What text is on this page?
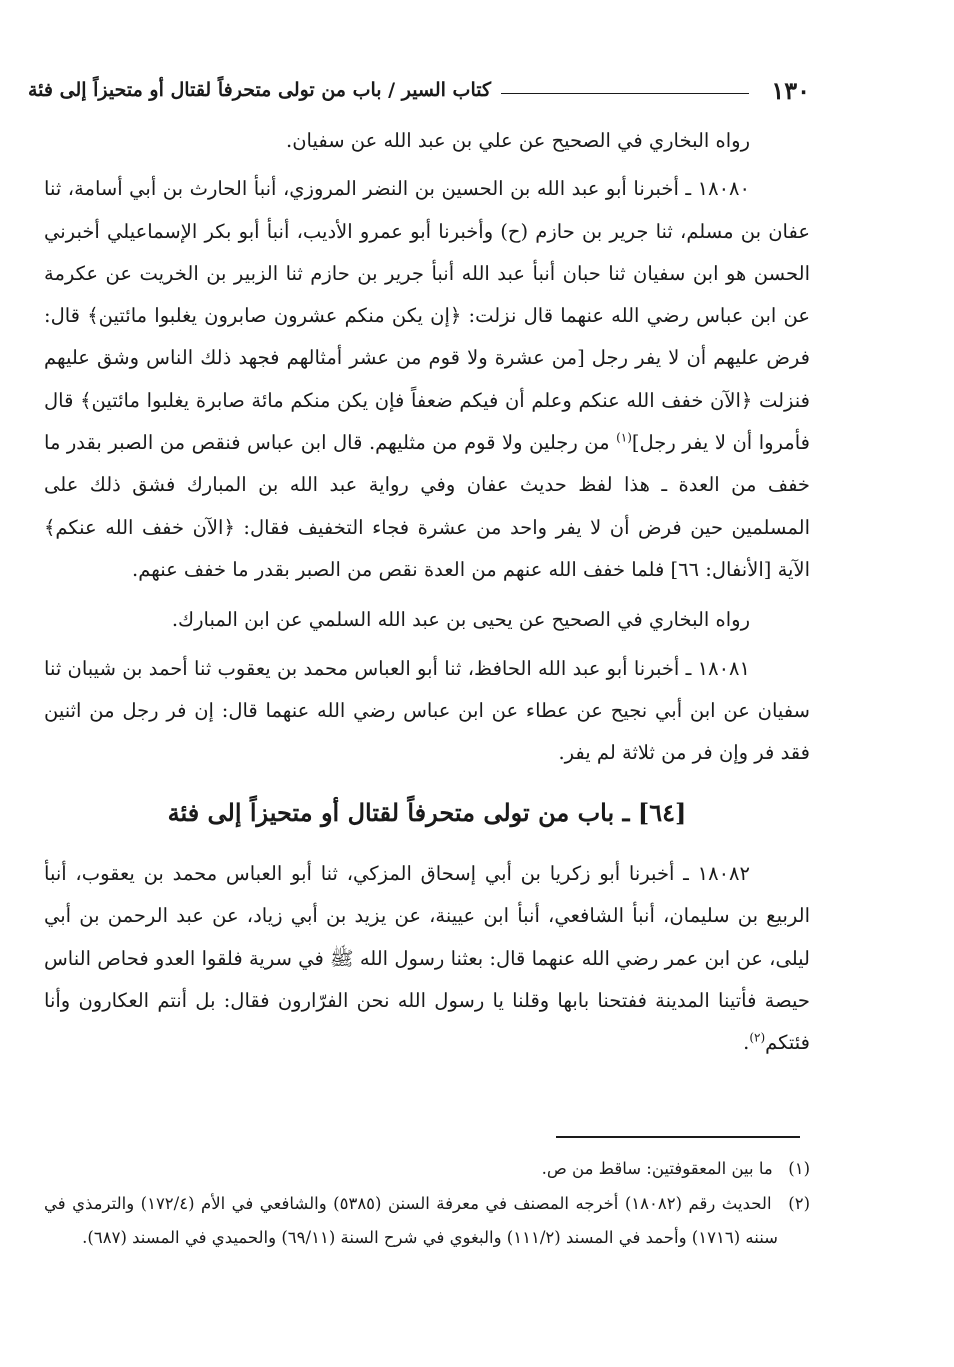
١٣٠
كتاب السير / باب من تولى متحرفاً لقتال أو متحيزاً إلى فئة

رواه البخاري في الصحيح عن علي بن عبد الله عن سفيان.

١٨٠٨٠ ـ أخبرنا أبو عبد الله بن الحسين بن النضر المروزي، أنبأ الحارث بن أبي أسامة، ثنا عفان بن مسلم، ثنا جرير بن حازم (ح) وأخبرنا أبو عمرو الأديب، أنبأ أبو بكر الإسماعيلي أخبرني الحسن هو ابن سفيان ثنا حبان أنبأ عبد الله أنبأ جرير بن حازم ثنا الزبير بن الخريت عن عكرمة عن ابن عباس رضي الله عنهما قال نزلت: ﴿إن يكن منكم عشرون صابرون يغلبوا مائتين﴾ قال: فرض عليهم أن لا يفر رجل [من عشرة ولا قوم من عشر أمثالهم فجهد ذلك الناس وشق عليهم فنزلت ﴿الآن خفف الله عنكم وعلم أن فيكم ضعفاً فإن يكن منكم مائة صابرة يغلبوا مائتين﴾ قال فأمروا أن لا يفر رجل]$^{(١)}$ من رجلين ولا قوم من مثليهم. قال ابن عباس فنقص من الصبر بقدر ما خفف من العدة ـ هذا لفظ حديث عفان وفي رواية عبد الله بن المبارك فشق ذلك على المسلمين حين فرض أن لا يفر واحد من عشرة فجاء التخفيف فقال: ﴿الآن خفف الله عنكم﴾ الآية [الأنفال: ٦٦] فلما خفف الله عنهم من العدة نقص من الصبر بقدر ما خفف عنهم.

رواه البخاري في الصحيح عن يحيى بن عبد الله السلمي عن ابن المبارك.

١٨٠٨١ ـ أخبرنا أبو عبد الله الحافظ، ثنا أبو العباس محمد بن يعقوب ثنا أحمد بن شيبان ثنا سفيان عن ابن أبي نجيح عن عطاء عن ابن عباس رضي الله عنهما قال: إن فر رجل من اثنين فقد فر وإن فر من ثلاثة لم يفر.

[٦٤] ـ باب من تولى متحرفاً لقتال أو متحيزاً إلى فئة

١٨٠٨٢ ـ أخبرنا أبو زكريا بن أبي إسحاق المزكي، ثنا أبو العباس محمد بن يعقوب، أنبأ الربيع بن سليمان، أنبأ الشافعي، أنبأ ابن عيينة، عن يزيد بن أبي زياد، عن عبد الرحمن بن أبي ليلى، عن ابن عمر رضي الله عنهما قال: بعثنا رسول الله ﷺ في سرية فلقوا العدو فحاص الناس حيصة فأتينا المدينة ففتحنا بابها وقلنا يا رسول الله نحن الفرّارون فقال: بل أنتم العكارون وأنا فئتكم$^{(٢)}$.

(١) ما بين المعقوفتين: ساقط من ص.

(٢) الحديث رقم (١٨٠٨٢) أخرجه المصنف في معرفة السنن (٥٣٨٥) والشافعي في الأم (١٧٢/٤) والترمذي في سننه (١٧١٦) وأحمد في المسند (١١١/٢) والبغوي في شرح السنة (٦٩/١١) والحميدي في المسند (٦٨٧).
